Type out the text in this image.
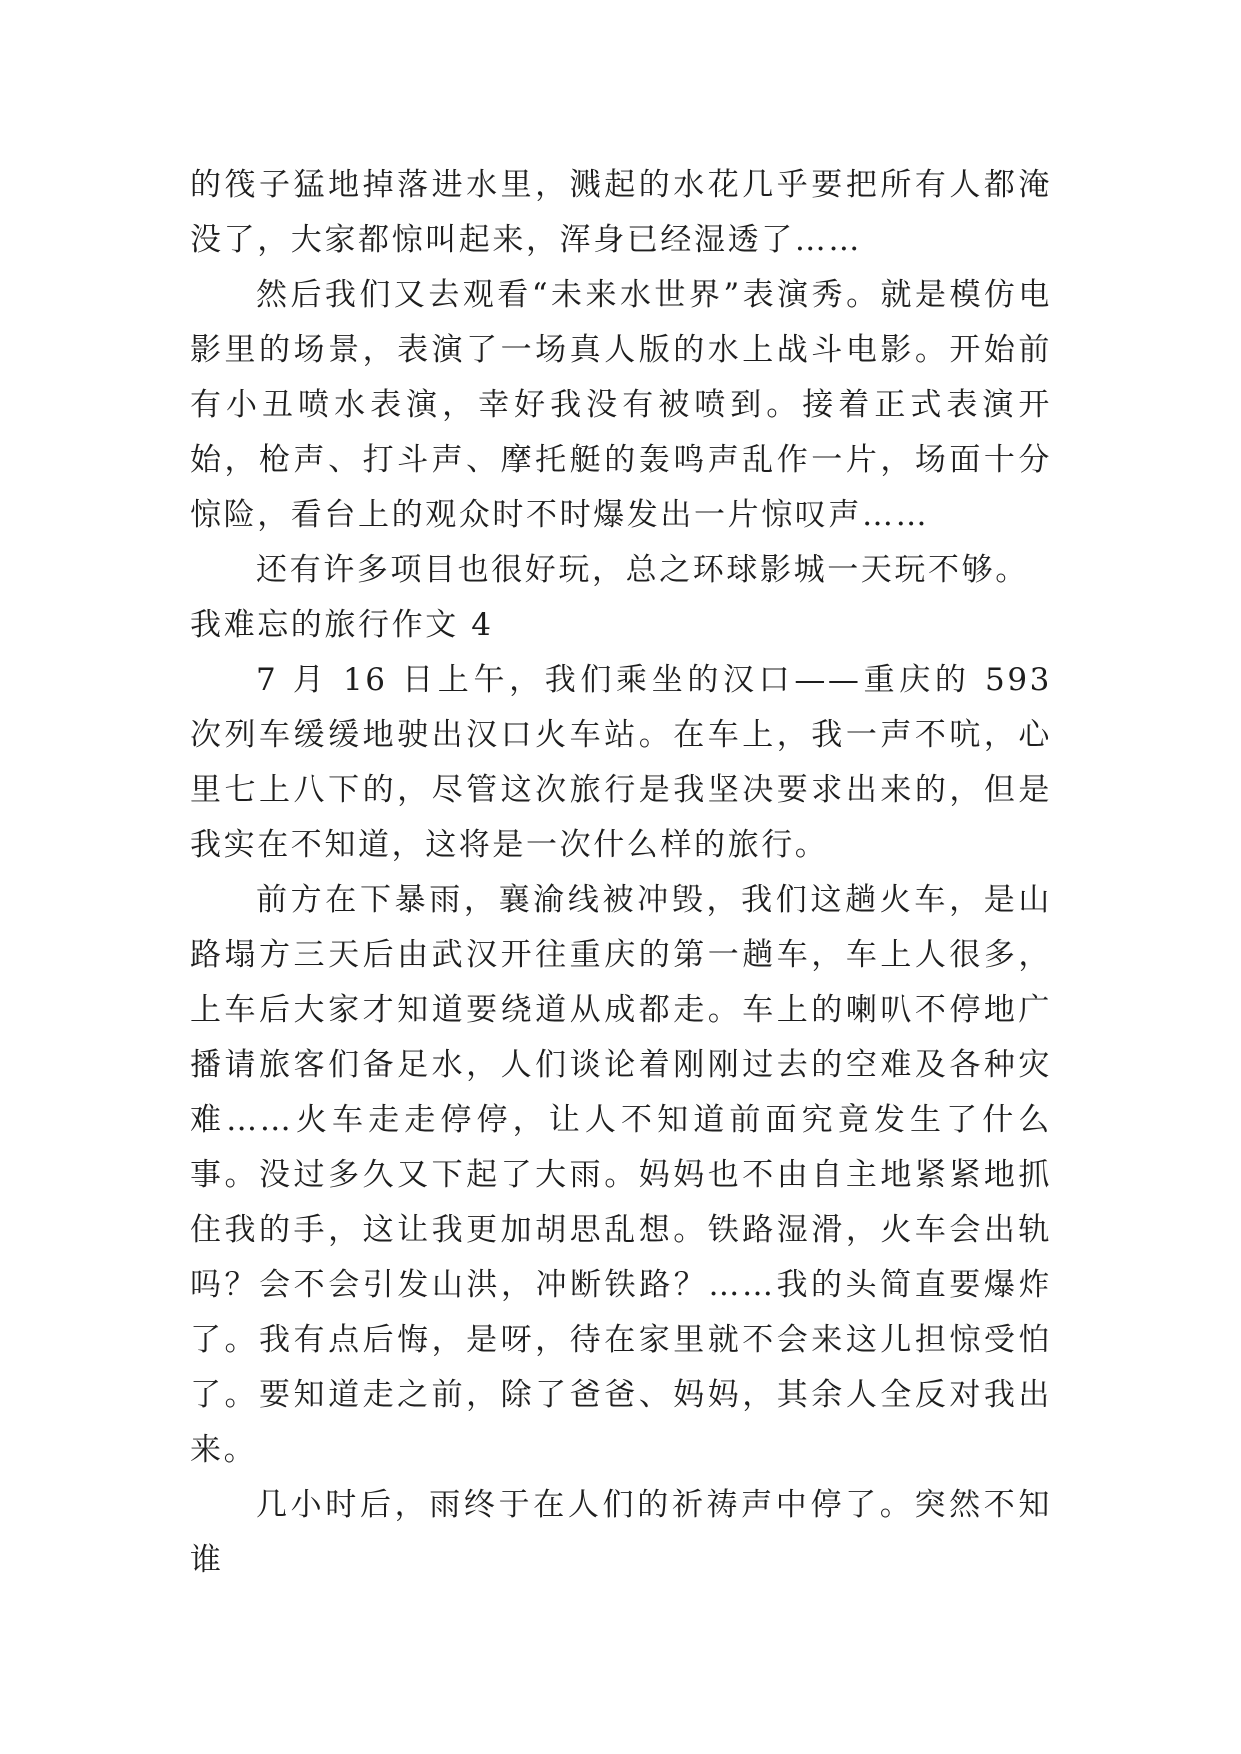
的筏子猛地掉落进水里，溅起的水花几乎要把所有人都淹没了，大家都惊叫起来，浑身已经湿透了……

然后我们又去观看“未来水世界”表演秀。就是模仿电影里的场景，表演了一场真人版的水上战斗电影。开始前有小丑喷水表演，幸好我没有被喷到。接着正式表演开始，枪声、打斗声、摩托艇的轰鸣声乱作一片，场面十分惊险，看台上的观众时不时爆发出一片惊叹声……

还有许多项目也很好玩，总之环球影城一天玩不够。

我难忘的旅行作文 4

7 月 16 日上午，我们乘坐的汉口——重庆的 593 次列车缓缓地驶出汉口火车站。在车上，我一声不吭，心里七上八下的，尽管这次旅行是我坚决要求出来的，但是我实在不知道，这将是一次什么样的旅行。

前方在下暴雨，襄渝线被冲毁，我们这趟火车，是山路塌方三天后由武汉开往重庆的第一趟车，车上人很多，上车后大家才知道要绕道从成都走。车上的喇叭不停地广播请旅客们备足水，人们谈论着刚刚过去的空难及各种灾难……火车走走停停，让人不知道前面究竟发生了什么事。没过多久又下起了大雨。妈妈也不由自主地紧紧地抓住我的手，这让我更加胡思乱想。铁路湿滑，火车会出轨吗？会不会引发山洪，冲断铁路？……我的头简直要爆炸了。我有点后悔，是呀，待在家里就不会来这儿担惊受怕了。要知道走之前，除了爸爸、妈妈，其余人全反对我出来。

几小时后，雨终于在人们的祈祷声中停了。突然不知谁
